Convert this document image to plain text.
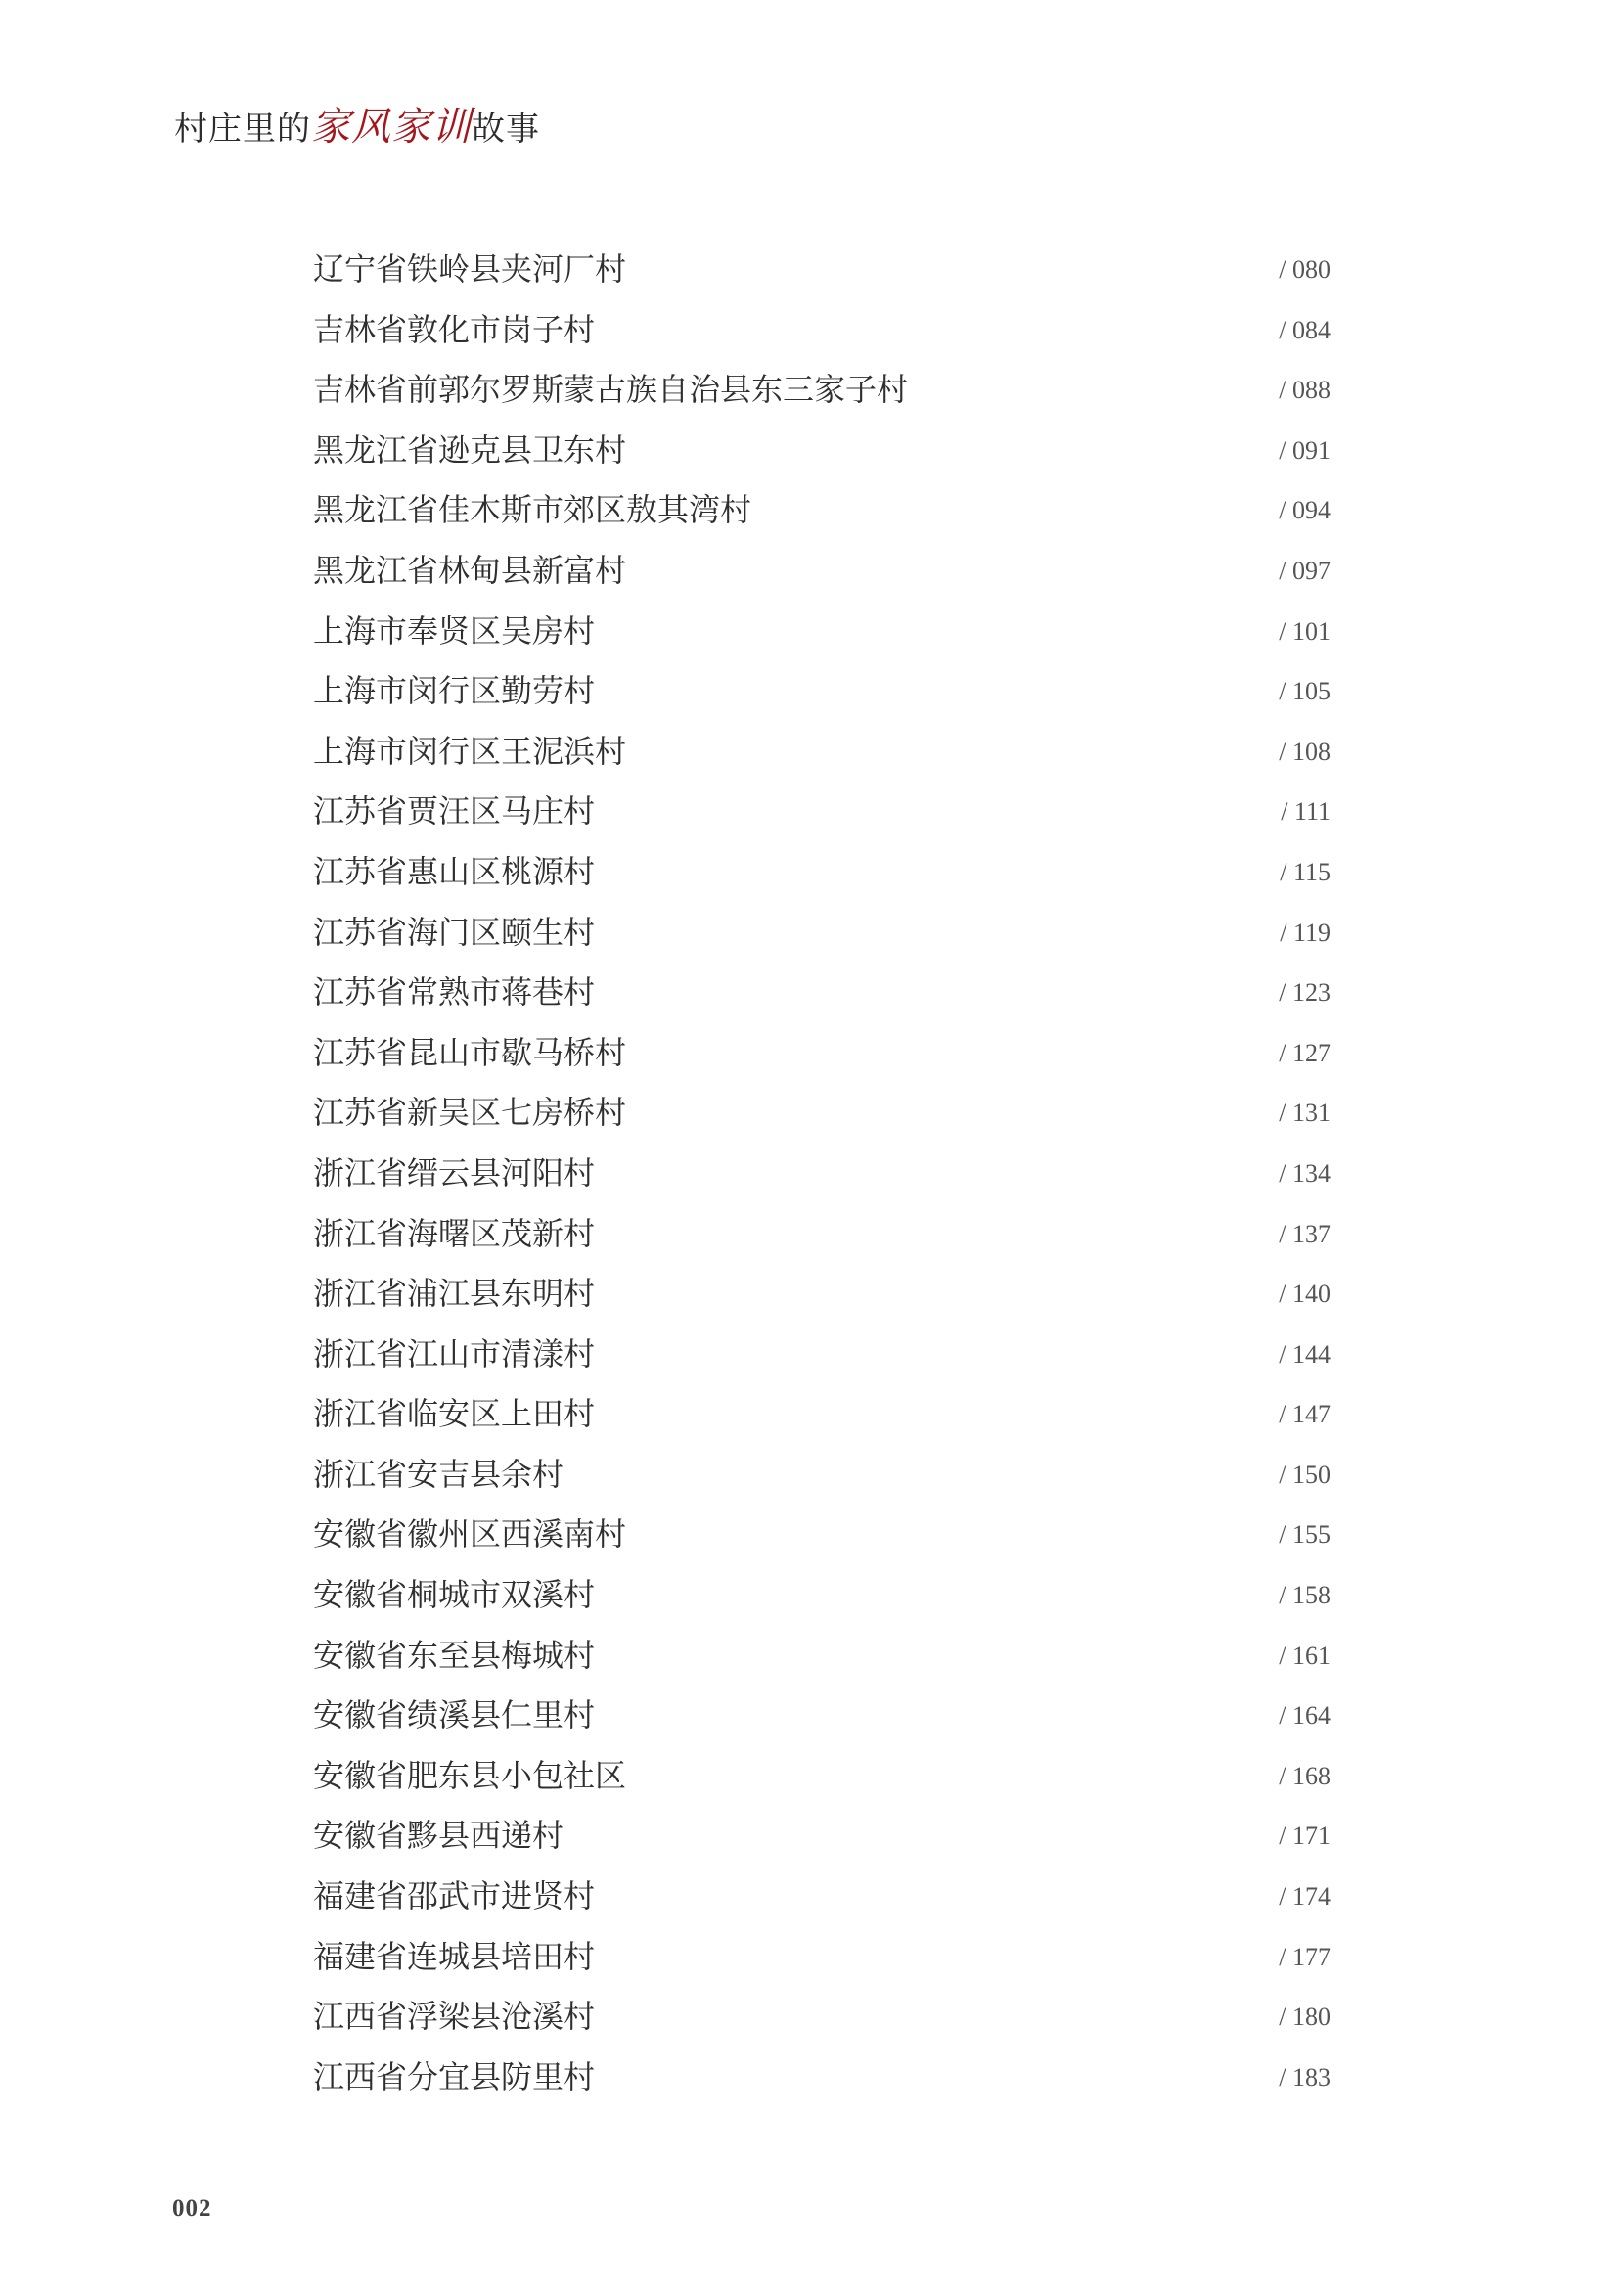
村庄里的家风家训故事
辽宁省铁岭县夹河厂村	/ 080
吉林省敦化市岗子村	/ 084
吉林省前郭尔罗斯蒙古族自治县东三家子村	/ 088
黑龙江省逊克县卫东村	/ 091
黑龙江省佳木斯市郊区敖其湾村	/ 094
黑龙江省林甸县新富村	/ 097
上海市奉贤区吴房村	/ 101
上海市闵行区勤劳村	/ 105
上海市闵行区王泥浜村	/ 108
江苏省贾汪区马庄村	/ 111
江苏省惠山区桃源村	/ 115
江苏省海门区颐生村	/ 119
江苏省常熟市蒋巷村	/ 123
江苏省昆山市歇马桥村	/ 127
江苏省新吴区七房桥村	/ 131
浙江省缙云县河阳村	/ 134
浙江省海曙区茂新村	/ 137
浙江省浦江县东明村	/ 140
浙江省江山市清漾村	/ 144
浙江省临安区上田村	/ 147
浙江省安吉县余村	/ 150
安徽省徽州区西溪南村	/ 155
安徽省桐城市双溪村	/ 158
安徽省东至县梅城村	/ 161
安徽省绩溪县仁里村	/ 164
安徽省肥东县小包社区	/ 168
安徽省黟县西递村	/ 171
福建省邵武市进贤村	/ 174
福建省连城县培田村	/ 177
江西省浮梁县沧溪村	/ 180
江西省分宜县防里村	/ 183
002
